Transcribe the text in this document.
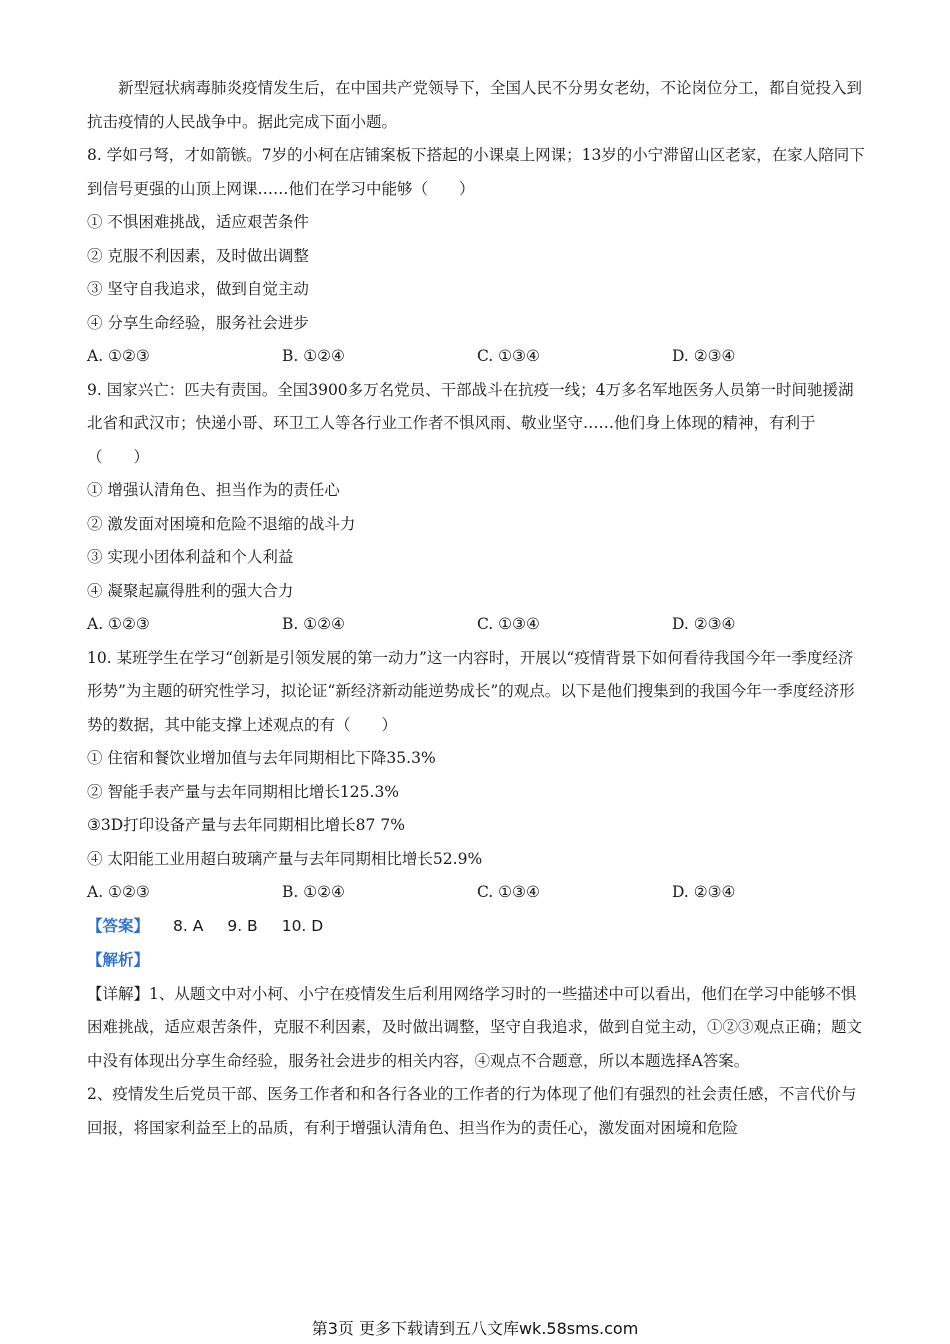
新型冠状病毒肺炎疫情发生后，在中国共产党领导下，全国人民不分男女老幼，不论岗位分工，都自觉投入到抗击疫情的人民战争中。据此完成下面小题。

8. 学如弓弩，才如箭镞。7岁的小柯在店铺案板下搭起的小课桌上网课；13岁的小宁滞留山区老家，在家人陪同下到信号更强的山顶上网课……他们在学习中能够（　　）

① 不惧困难挑战，适应艰苦条件

② 克服不利因素，及时做出调整

③ 坚守自我追求，做到自觉主动

④ 分享生命经验，服务社会进步

A. ①②③	B. ①②④	C. ①③④	D. ②③④

9. 国家兴亡：匹夫有责国。全国3900多万名党员、干部战斗在抗疫一线；4万多名军地医务人员第一时间驰援湖北省和武汉市；快递小哥、环卫工人等各行业工作者不惧风雨、敬业坚守……他们身上体现的精神，有利于（　　）

① 增强认清角色、担当作为的责任心

② 激发面对困境和危险不退缩的战斗力

③ 实现小团体利益和个人利益

④ 凝聚起赢得胜利的强大合力

A. ①②③	B. ①②④	C. ①③④	D. ②③④

10. 某班学生在学习“创新是引领发展的第一动力”这一内容时，开展以“疫情背景下如何看待我国今年一季度经济形势”为主题的研究性学习，拟论证“新经济新动能逆势成长”的观点。以下是他们搜集到的我国今年一季度经济形势的数据，其中能支撑上述观点的有（　　）

① 住宿和餐饮业增加值与去年同期相比下降35.3%

② 智能手表产量与去年同期相比增长125.3%

③3D打印设备产量与去年同期相比增长87 7%

④ 太阳能工业用超白玻璃产量与去年同期相比增长52.9%

A. ①②③	B. ①②④	C. ①③④	D. ②③④

【答案】 8. A 9. B 10. D

【解析】

【详解】1、从题文中对小柯、小宁在疫情发生后利用网络学习时的一些描述中可以看出，他们在学习中能够不惧困难挑战，适应艰苦条件，克服不利因素，及时做出调整，坚守自我追求，做到自觉主动，①②③观点正确；题文中没有体现出分享生命经验，服务社会进步的相关内容，④观点不合题意，所以本题选择A答案。

2、疫情发生后党员干部、医务工作者和和各行各业的工作者的行为体现了他们有强烈的社会责任感，不言代价与回报，将国家利益至上的品质，有利于增强认清角色、担当作为的责任心，激发面对困境和危险

第3页 更多下载请到五八文库wk.58sms.com
